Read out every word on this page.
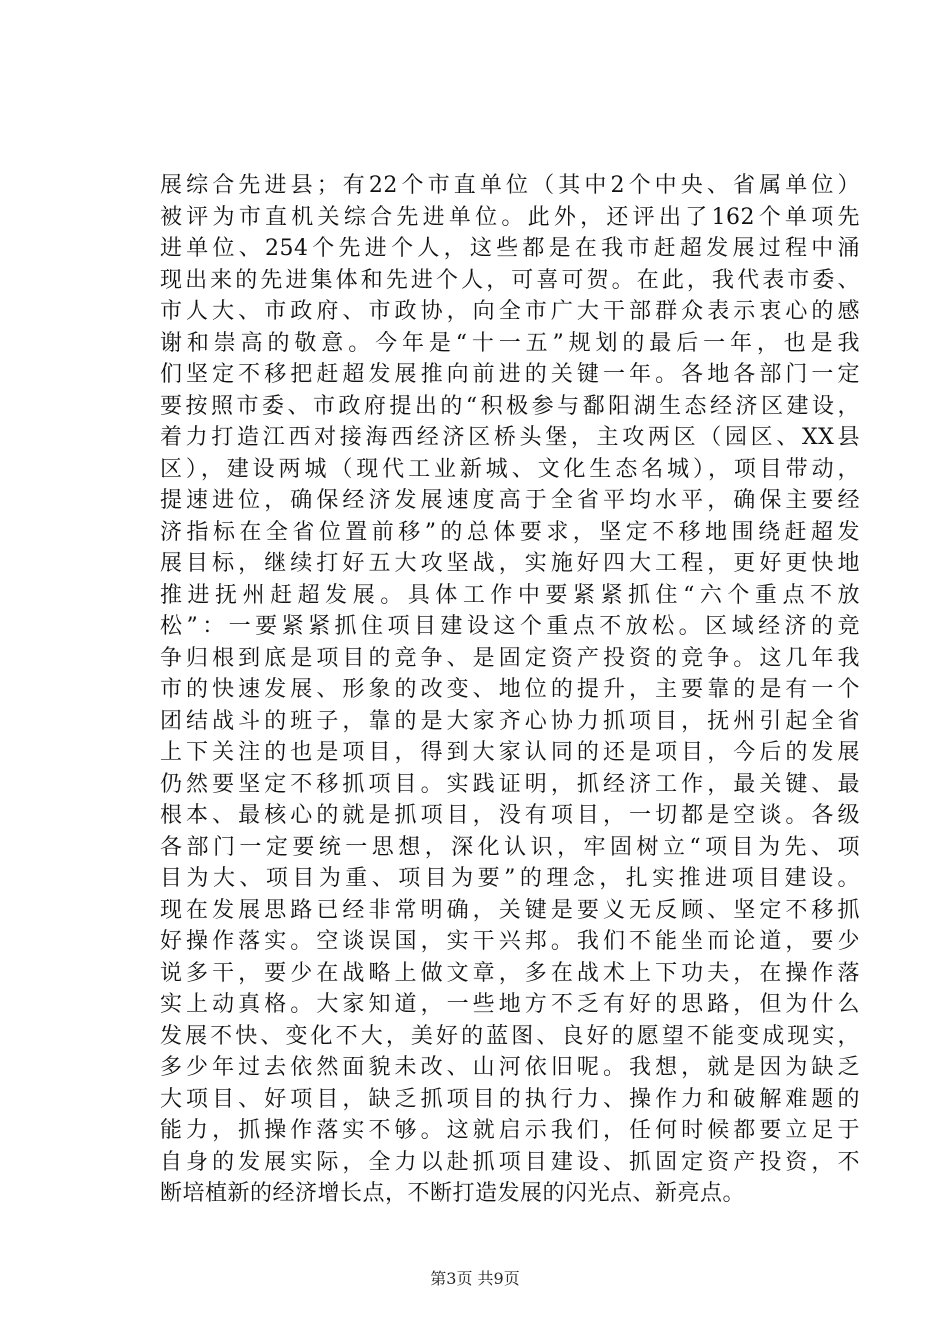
展综合先进县；有22个市直单位（其中2个中央、省属单位）
被评为市直机关综合先进单位。此外，还评出了162个单项先
进单位、254个先进个人，这些都是在我市赶超发展过程中涌
现出来的先进集体和先进个人，可喜可贺。在此，我代表市委、
市人大、市政府、市政协，向全市广大干部群众表示衷心的感
谢和崇高的敬意。今年是“十一五”规划的最后一年，也是我
们坚定不移把赶超发展推向前进的关键一年。各地各部门一定
要按照市委、市政府提出的“积极参与鄱阳湖生态经济区建设，
着力打造江西对接海西经济区桥头堡，主攻两区（园区、XX县
区），建设两城（现代工业新城、文化生态名城），项目带动，
提速进位，确保经济发展速度高于全省平均水平，确保主要经
济指标在全省位置前移”的总体要求，坚定不移地围绕赶超发
展目标，继续打好五大攻坚战，实施好四大工程，更好更快地
推进抚州赶超发展。具体工作中要紧紧抓住“六个重点不放
松”：一要紧紧抓住项目建设这个重点不放松。区域经济的竞
争归根到底是项目的竞争、是固定资产投资的竞争。这几年我
市的快速发展、形象的改变、地位的提升，主要靠的是有一个
团结战斗的班子，靠的是大家齐心协力抓项目，抚州引起全省
上下关注的也是项目，得到大家认同的还是项目，今后的发展
仍然要坚定不移抓项目。实践证明，抓经济工作，最关键、最
根本、最核心的就是抓项目，没有项目，一切都是空谈。各级
各部门一定要统一思想，深化认识，牢固树立“项目为先、项
目为大、项目为重、项目为要”的理念，扎实推进项目建设。
现在发展思路已经非常明确，关键是要义无反顾、坚定不移抓
好操作落实。空谈误国，实干兴邦。我们不能坐而论道，要少
说多干，要少在战略上做文章，多在战术上下功夫，在操作落
实上动真格。大家知道，一些地方不乏有好的思路，但为什么
发展不快、变化不大，美好的蓝图、良好的愿望不能变成现实，
多少年过去依然面貌未改、山河依旧呢。我想，就是因为缺乏
大项目、好项目，缺乏抓项目的执行力、操作力和破解难题的
能力，抓操作落实不够。这就启示我们，任何时候都要立足于
自身的发展实际，全力以赴抓项目建设、抓固定资产投资，不
断培植新的经济增长点，不断打造发展的闪光点、新亮点。
第3页 共9页
